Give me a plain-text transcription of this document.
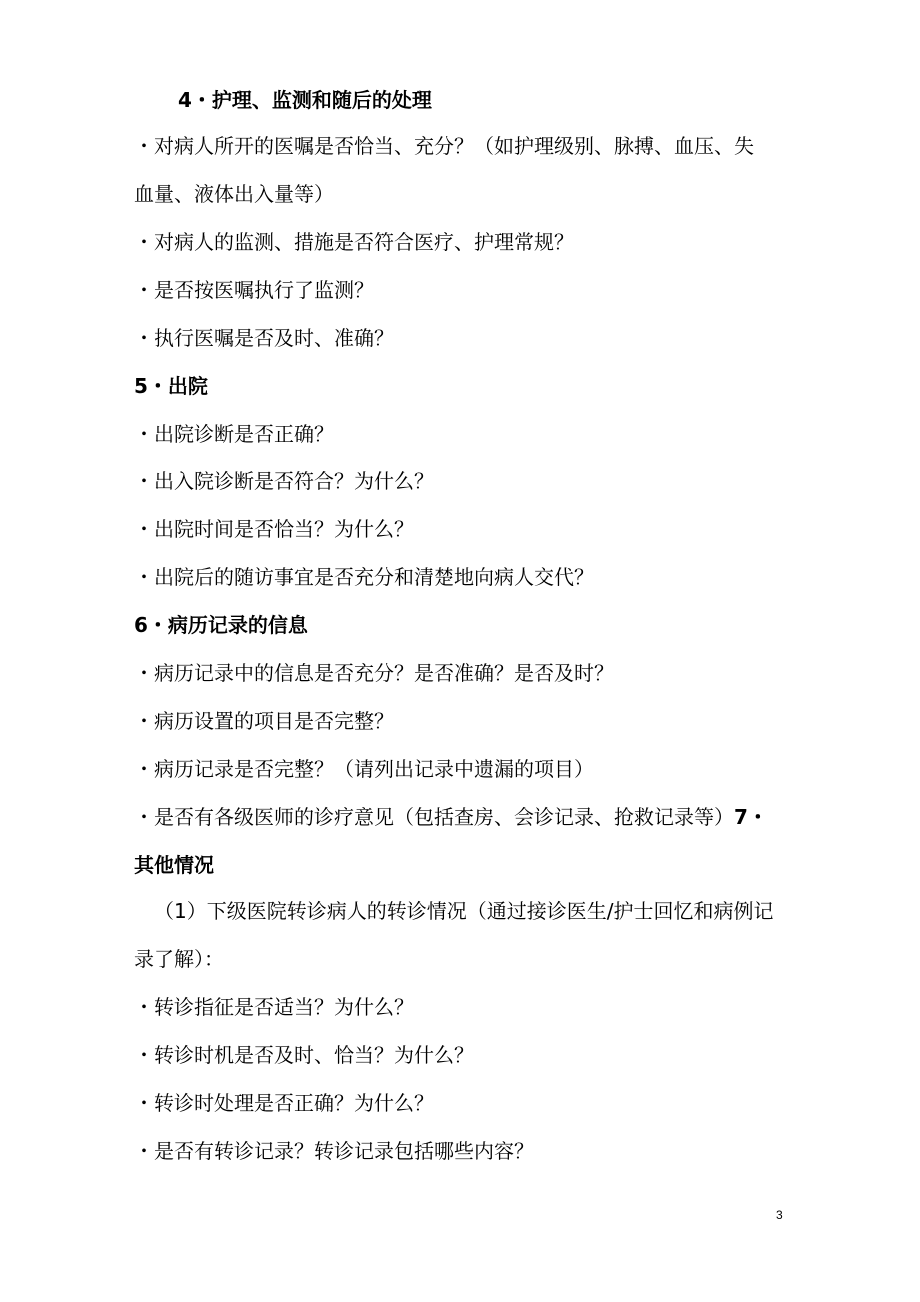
4・护理、监测和随后的处理
・对病人所开的医嘱是否恰当、充分？（如护理级别、脉搏、血压、失
血量、液体出入量等）
・对病人的监测、措施是否符合医疗、护理常规？
・是否按医嘱执行了监测？
・执行医嘱是否及时、准确？
5・出院
・出院诊断是否正确？
・出入院诊断是否符合？为什么？
・出院时间是否恰当？为什么？
・出院后的随访事宜是否充分和清楚地向病人交代？
6・病历记录的信息
・病历记录中的信息是否充分？是否准确？是否及时？
・病历设置的项目是否完整？
・病历记录是否完整？（请列出记录中遗漏的项目）
・是否有各级医师的诊疗意见（包括查房、会诊记录、抢救记录等）7・
其他情况
（1）下级医院转诊病人的转诊情况（通过接诊医生/护士回忆和病例记
录了解）：
・转诊指征是否适当？为什么？
・转诊时机是否及时、恰当？为什么？
・转诊时处理是否正确？为什么？
・是否有转诊记录？转诊记录包括哪些内容？
3
